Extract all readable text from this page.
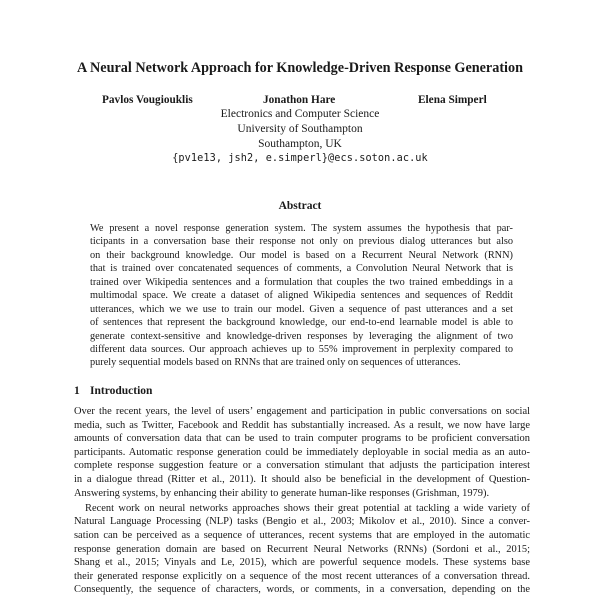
A Neural Network Approach for Knowledge-Driven Response Generation
Pavlos Vougiouklis	Jonathon Hare	Elena Simperl
Electronics and Computer Science
University of Southampton
Southampton, UK
{pv1e13, jsh2, e.simperl}@ecs.soton.ac.uk
Abstract
We present a novel response generation system. The system assumes the hypothesis that par-
ticipants in a conversation base their response not only on previous dialog utterances but also
on their background knowledge. Our model is based on a Recurrent Neural Network (RNN)
that is trained over concatenated sequences of comments, a Convolution Neural Network that is
trained over Wikipedia sentences and a formulation that couples the two trained embeddings in a
multimodal space. We create a dataset of aligned Wikipedia sentences and sequences of Reddit
utterances, which we we use to train our model. Given a sequence of past utterances and a set
of sentences that represent the background knowledge, our end-to-end learnable model is able to
generate context-sensitive and knowledge-driven responses by leveraging the alignment of two
different data sources. Our approach achieves up to 55% improvement in perplexity compared to
purely sequential models based on RNNs that are trained only on sequences of utterances.
1 Introduction
Over the recent years, the level of users’ engagement and participation in public conversations on social
media, such as Twitter, Facebook and Reddit has substantially increased. As a result, we now have large
amounts of conversation data that can be used to train computer programs to be proficient conversation
participants. Automatic response generation could be immediately deployable in social media as an auto-
complete response suggestion feature or a conversation stimulant that adjusts the participation interest
in a dialogue thread (Ritter et al., 2011). It should also be beneficial in the development of Question-
Answering systems, by enhancing their ability to generate human-like responses (Grishman, 1979).
Recent work on neural networks approaches shows their great potential at tackling a wide variety of
Natural Language Processing (NLP) tasks (Bengio et al., 2003; Mikolov et al., 2010). Since a conver-
sation can be perceived as a sequence of utterances, recent systems that are employed in the automatic
response generation domain are based on Recurrent Neural Networks (RNNs) (Sordoni et al., 2015;
Shang et al., 2015; Vinyals and Le, 2015), which are powerful sequence models. These systems base
their generated response explicitly on a sequence of the most recent utterances of a conversation thread.
Consequently, the sequence of characters, words, or comments, in a conversation, depending on the
